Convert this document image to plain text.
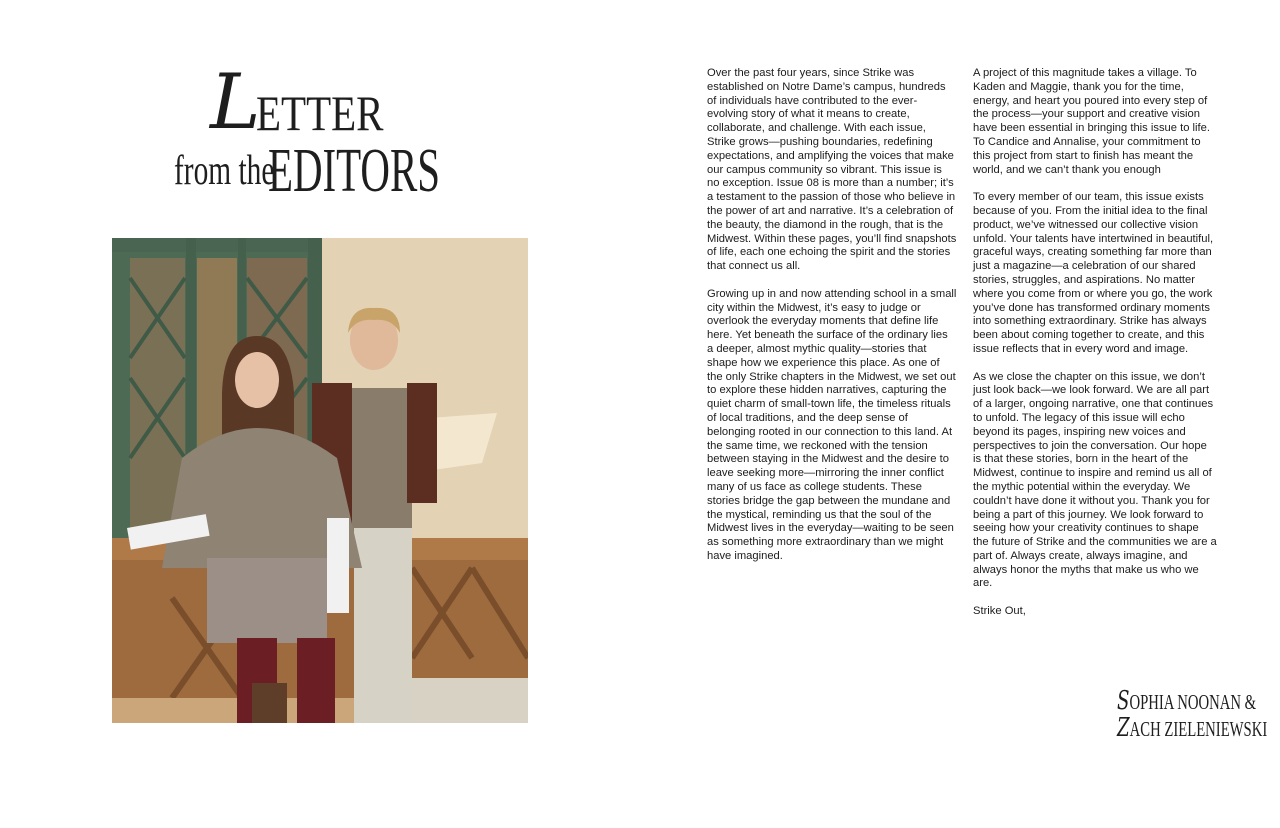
L
ETTER
from the
EDITORS

Over the past four years, since Strike was established on Notre Dame’s campus, hundreds of individuals have contributed to the ever-evolving story of what it means to create, collaborate, and challenge. With each issue, Strike grows—pushing boundaries, redefining expectations, and amplifying the voices that make our campus community so vibrant. This issue is no exception. Issue 08 is more than a number; it’s a testament to the passion of those who believe in the power of art and narrative. It’s a celebration of the beauty, the diamond in the rough, that is the Midwest. Within these pages, you’ll find snapshots of life, each one echoing the spirit and the stories that connect us all.

Growing up in and now attending school in a small city within the Midwest, it’s easy to judge or overlook the everyday moments that define life here. Yet beneath the surface of the ordinary lies a deeper, almost mythic quality—stories that shape how we experience this place. As one of the only Strike chapters in the Midwest, we set out to explore these hidden narratives, capturing the quiet charm of small-town life, the timeless rituals of local traditions, and the deep sense of belonging rooted in our connection to this land. At the same time, we reckoned with the tension between staying in the Midwest and the desire to leave seeking more—mirroring the inner conflict many of us face as college students. These stories bridge the gap between the mundane and the mystical, reminding us that the soul of the Midwest lives in the everyday—waiting to be seen as something more extraordinary than we might have imagined.

A project of this magnitude takes a village. To Kaden and Maggie, thank you for the time, energy, and heart you poured into every step of the process—your support and creative vision have been essential in bringing this issue to life. To Candice and Annalise, your commitment to this project from start to finish has meant the world, and we can’t thank you enough

To every member of our team, this issue exists because of you. From the initial idea to the final product, we’ve witnessed our collective vision unfold. Your talents have intertwined in beautiful, graceful ways, creating something far more than just a magazine—a celebration of our shared stories, struggles, and aspirations. No matter where you come from or where you go, the work you’ve done has transformed ordinary moments into something extraordinary. Strike has always been about coming together to create, and this issue reflects that in every word and image.

As we close the chapter on this issue, we don’t just look back—we look forward. We are all part of a larger, ongoing narrative, one that continues to unfold. The legacy of this issue will echo beyond its pages, inspiring new voices and perspectives to join the conversation. Our hope is that these stories, born in the heart of the Midwest, continue to inspire and remind us all of the mythic potential within the everyday. We couldn’t have done it without you. Thank you for being a part of this journey. We look forward to seeing how your creativity continues to shape the future of Strike and the communities we are a part of. Always create, always imagine, and always honor the myths that make us who we are.

Strike Out,

SOPHIA NOONAN &
ZACH ZIELENIEWSKI
